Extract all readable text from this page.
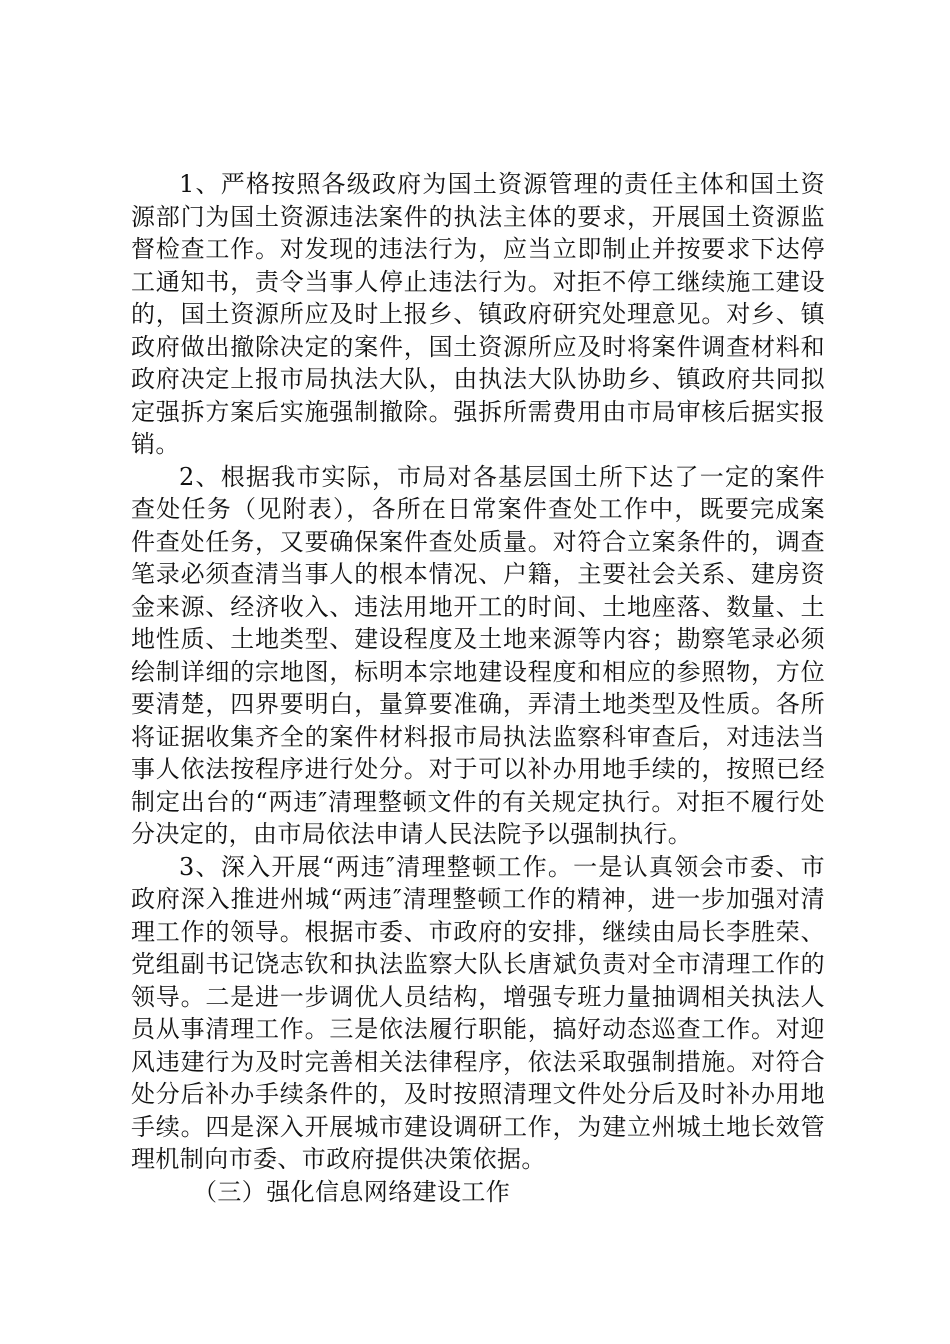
1、严格按照各级政府为国土资源管理的责任主体和国土资源部门为国土资源违法案件的执法主体的要求，开展国土资源监督检查工作。对发现的违法行为，应当立即制止并按要求下达停工通知书，责令当事人停止违法行为。对拒不停工继续施工建设的，国土资源所应及时上报乡、镇政府研究处理意见。对乡、镇政府做出撤除决定的案件，国土资源所应及时将案件调查材料和政府决定上报市局执法大队，由执法大队协助乡、镇政府共同拟定强拆方案后实施强制撤除。强拆所需费用由市局审核后据实报销。

2、根据我市实际，市局对各基层国土所下达了一定的案件查处任务（见附表），各所在日常案件查处工作中，既要完成案件查处任务，又要确保案件查处质量。对符合立案条件的，调查笔录必须查清当事人的根本情况、户籍，主要社会关系、建房资金来源、经济收入、违法用地开工的时间、土地座落、数量、土地性质、土地类型、建设程度及土地来源等内容；勘察笔录必须绘制详细的宗地图，标明本宗地建设程度和相应的参照物，方位要清楚，四界要明白，量算要准确，弄清土地类型及性质。各所将证据收集齐全的案件材料报市局执法监察科审查后，对违法当事人依法按程序进行处分。对于可以补办用地手续的，按照已经制定出台的“两违″清理整顿文件的有关规定执行。对拒不履行处分决定的，由市局依法申请人民法院予以强制执行。

3、深入开展“两违″清理整顿工作。一是认真领会市委、市政府深入推进州城“两违″清理整顿工作的精神，进一步加强对清理工作的领导。根据市委、市政府的安排，继续由局长李胜荣、党组副书记饶志钦和执法监察大队长唐斌负责对全市清理工作的领导。二是进一步调优人员结构，增强专班力量抽调相关执法人员从事清理工作。三是依法履行职能，搞好动态巡查工作。对迎风违建行为及时完善相关法律程序，依法采取强制措施。对符合处分后补办手续条件的，及时按照清理文件处分后及时补办用地手续。四是深入开展城市建设调研工作，为建立州城土地长效管理机制向市委、市政府提供决策依据。

（三）强化信息网络建设工作
